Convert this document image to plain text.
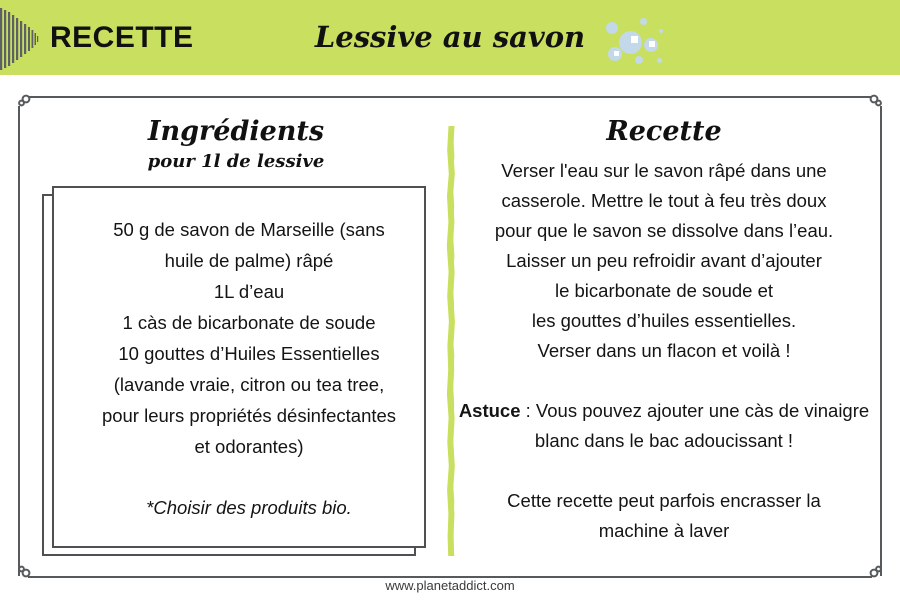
RECETTE	Lessive au savon
Ingrédients
pour 1l de lessive
50 g de savon de Marseille (sans
huile de palme) râpé
1L d’eau
1 càs de bicarbonate de soude
10 gouttes d’Huiles Essentielles
(lavande vraie, citron ou tea tree,
pour leurs propriétés désinfectantes
et odorantes)
*Choisir des produits bio.
Recette
Verser l'eau sur le savon râpé dans une
casserole. Mettre le tout à feu très doux
pour que le savon se dissolve dans l’eau.
Laisser un peu refroidir avant d’ajouter
le bicarbonate de soude et
les gouttes d’huiles essentielles.
Verser dans un flacon et voilà !
Astuce : Vous pouvez ajouter une càs de vinaigre blanc dans le bac adoucissant !
Cette recette peut parfois encrasser la
machine à laver
www.planetaddict.com
